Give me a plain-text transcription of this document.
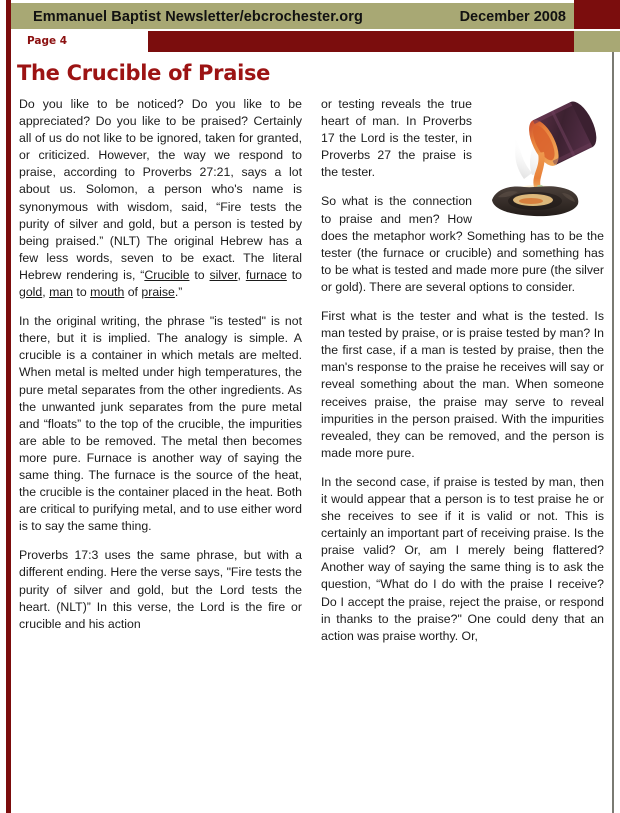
Emmanuel Baptist Newsletter/ebcrochester.org	December 2008
Page 4
The Crucible of Praise

Do you like to be noticed? Do you like to be appreciated? Do you like to be praised? Certainly all of us do not like to be ignored, taken for granted, or criticized. However, the way we respond to praise, according to Proverbs 27:21, says a lot about us. Solomon, a person who's name is synonymous with wisdom, said, “Fire tests the purity of silver and gold, but a person is tested by being praised.” (NLT) The original Hebrew has a few less words, seven to be exact. The literal Hebrew rendering is, “Crucible to silver, furnace to gold, man to mouth of praise.”

In the original writing, the phrase "is tested" is not there, but it is implied. The analogy is simple. A crucible is a container in which metals are melted. When metal is melted under high temperatures, the pure metal separates from the other ingredients. As the unwanted junk separates from the pure metal and “floats” to the top of the crucible, the impurities are able to be removed. The metal then becomes more pure. Furnace is another way of saying the same thing. The furnace is the source of the heat, the crucible is the container placed in the heat. Both are critical to purifying metal, and to use either word is to say the same thing.

Proverbs 17:3 uses the same phrase, but with a different ending. Here the verse says, "Fire tests the purity of silver and gold, but the Lord tests the heart. (NLT)” In this verse, the Lord is the fire or crucible and his action

or testing reveals the true heart of man. In Proverbs 17 the Lord is the tester, in Proverbs 27 the praise is the tester.

So what is the connection to praise and men? How does the metaphor work? Something has to be the tester (the furnace or crucible) and something has to be what is tested and made more pure (the silver or gold). There are several options to consider.

First what is the tester and what is the tested. Is man tested by praise, or is praise tested by man? In the first case, if a man is tested by praise, then the man's response to the praise he receives will say or reveal something about the man. When someone receives praise, the praise may serve to reveal impurities in the person praised. With the impurities revealed, they can be removed, and the person is made more pure.

In the second case, if praise is tested by man, then it would appear that a person is to test praise he or she receives to see if it is valid or not. This is certainly an important part of receiving praise. Is the praise valid? Or, am I merely being flattered? Another way of saying the same thing is to ask the question, “What do I do with the praise I receive? Do I accept the praise, reject the praise, or respond in thanks to the praise?" One could deny that an action was praise worthy. Or,
